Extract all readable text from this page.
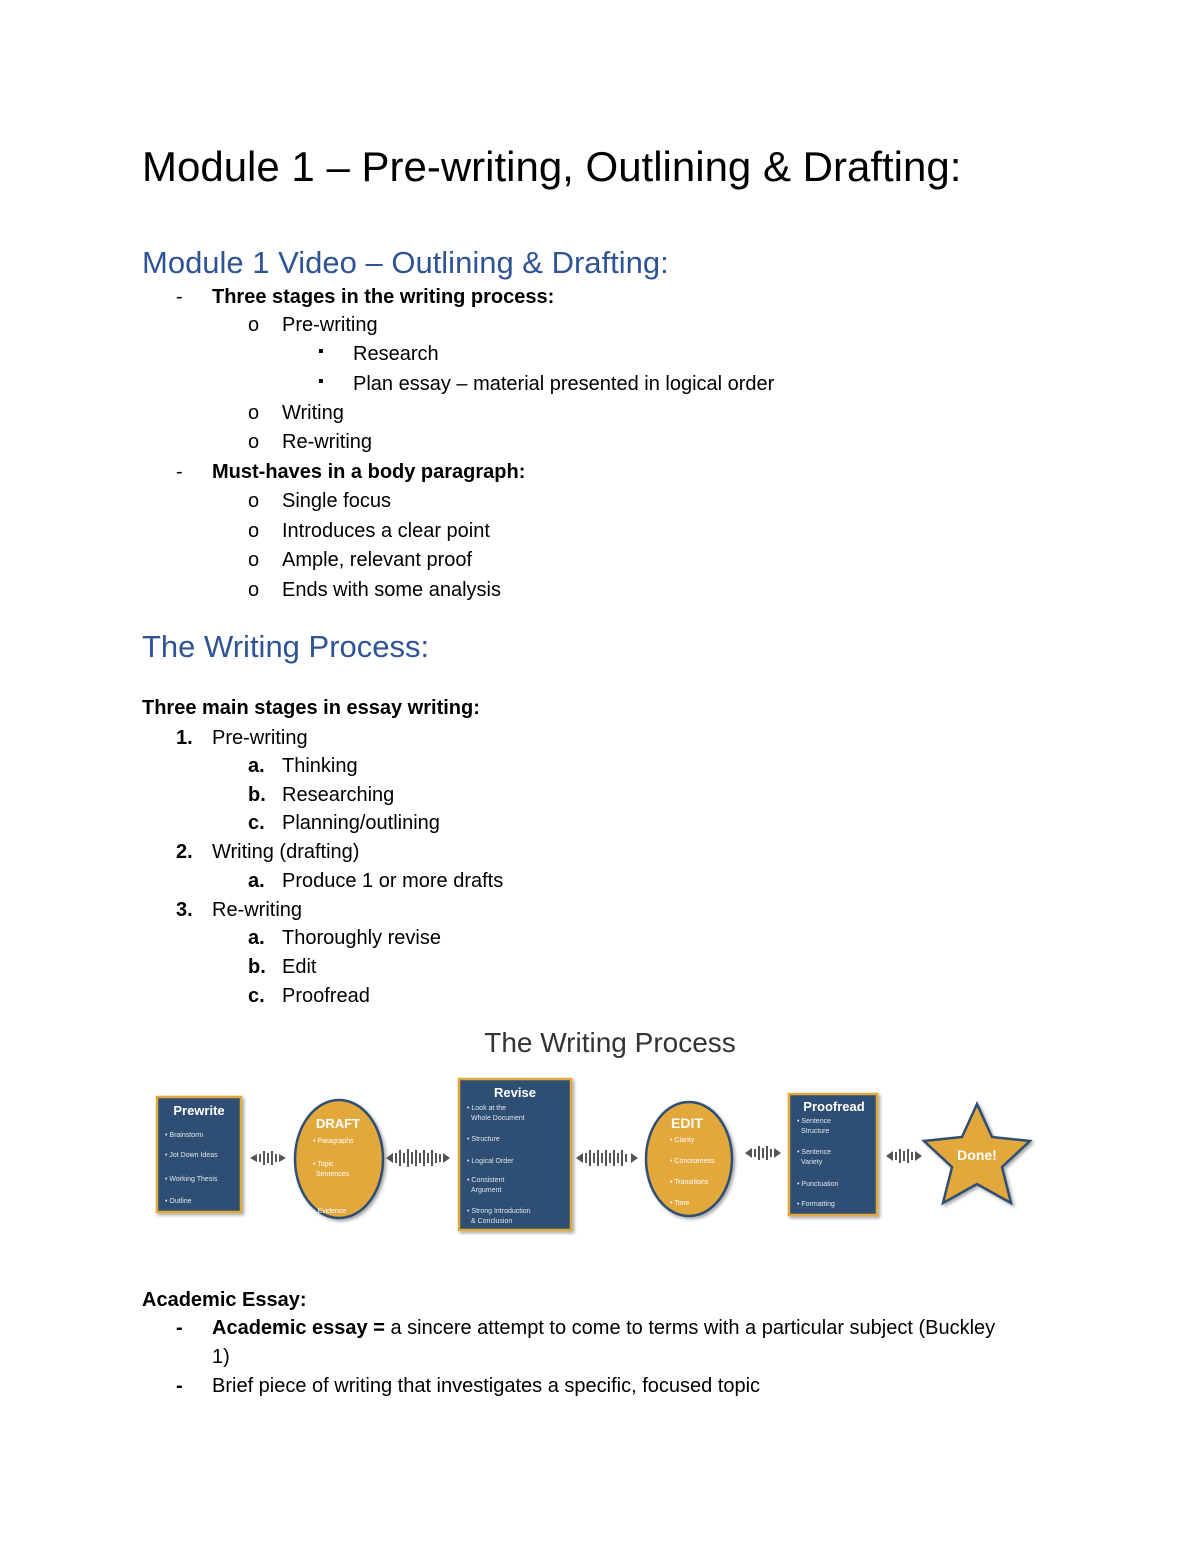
Module 1 – Pre-writing, Outlining & Drafting:
Module 1 Video – Outlining & Drafting:
- Three stages in the writing process:
o Pre-writing
▪ Research
▪ Plan essay – material presented in logical order
o Writing
o Re-writing
- Must-haves in a body paragraph:
o Single focus
o Introduces a clear point
o Ample, relevant proof
o Ends with some analysis
The Writing Process:
Three main stages in essay writing:
1. Pre-writing
a. Thinking
b. Researching
c. Planning/outlining
2. Writing (drafting)
a. Produce 1 or more drafts
3. Re-writing
a. Thoroughly revise
b. Edit
c. Proofread
The Writing Process
Prewrite
• Brainstorm
• Jot Down Ideas
• Working Thesis
• Outline
DRAFT
• Paragraphs
• Topic
Sentences
• Evidence
Revise
• Look at the
Whole Document
• Structure
• Logical Order
• Consistent
Argument
• Strong Introduction
& Conclusion
EDIT
• Clarity
• Conciseness
• Transitions
• Tone
Proofread
• Sentence
Structure
• Sentence
Variety
• Punctuation
• Formatting
Done!
Academic Essay:
- Academic essay = a sincere attempt to come to terms with a particular subject (Buckley
1)
- Brief piece of writing that investigates a specific, focused topic
